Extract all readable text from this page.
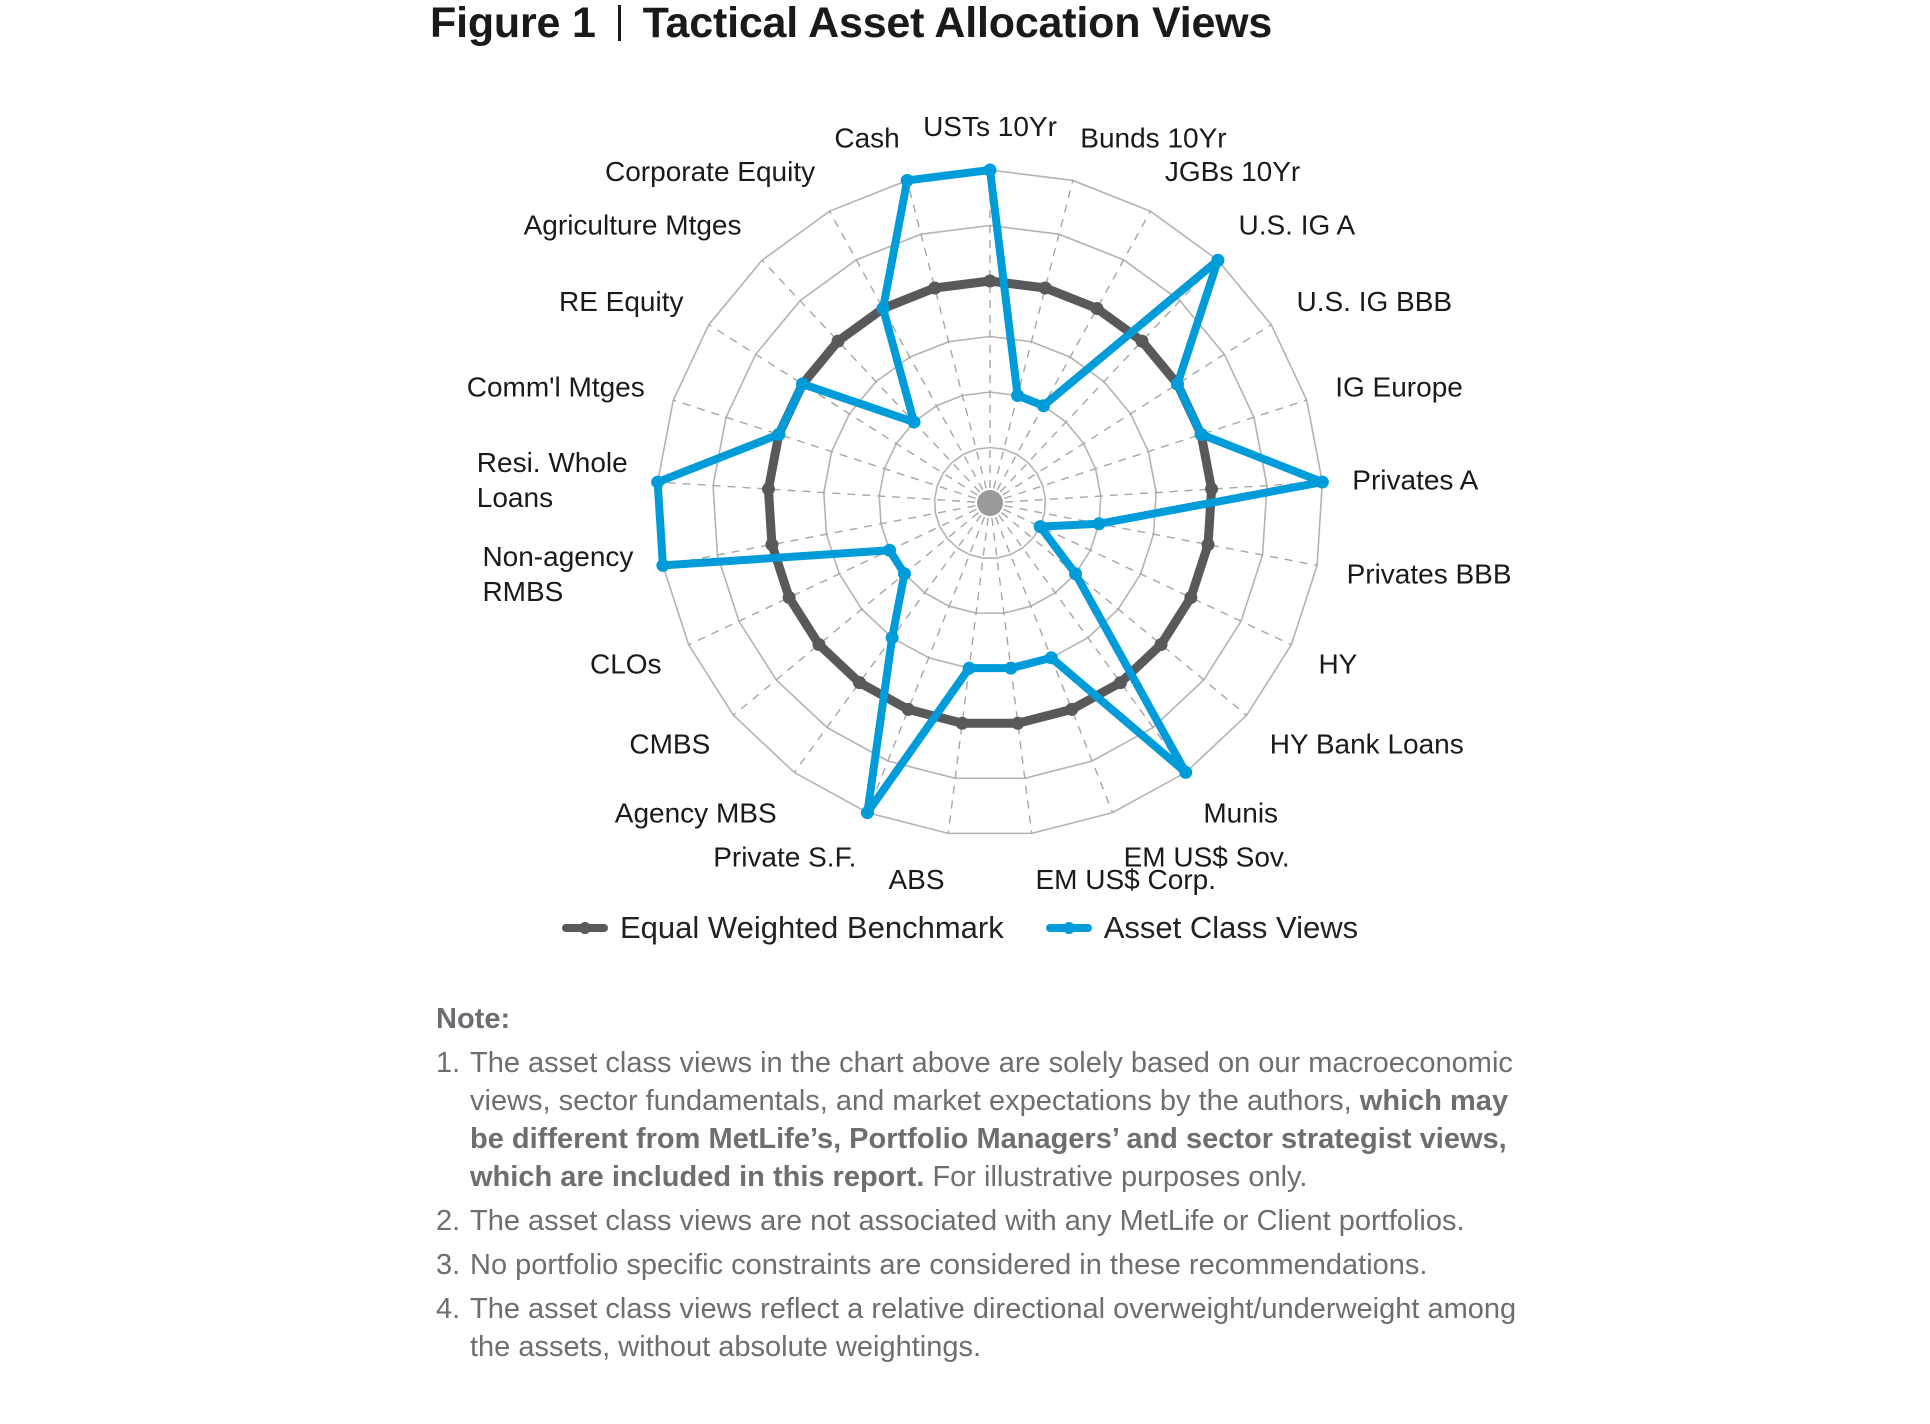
Figure 1 Tactical Asset Allocation Views
USTs 10Yr Bunds 10Yr
JGBs 10Yr
U.S. IG A
U.S. IG BBB
IG Europe
Privates A
Privates BBB
HY
HY Bank Loans
Munis
EM US$ Sov.
EM US$ Corp.
ABS
Private S.F.
Agency MBS
CMBS
CLOs
Non-agency RMBS
Resi. Whole Loans
Comm'l Mtges
RE Equity
Agriculture Mtges
Corporate Equity
Cash
Equal Weighted Benchmark	Asset Class Views

Note:

1. The asset class views in the chart above are solely based on our macroeconomic views, sector fundamentals, and market expectations by the authors, which may be different from MetLife’s, Portfolio Managers’ and sector strategist views, which are included in this report. For illustrative purposes only.
2. The asset class views are not associated with any MetLife or Client portfolios.
3. No portfolio specific constraints are considered in these recommendations.
4. The asset class views reflect a relative directional overweight/underweight among the assets, without absolute weightings.
